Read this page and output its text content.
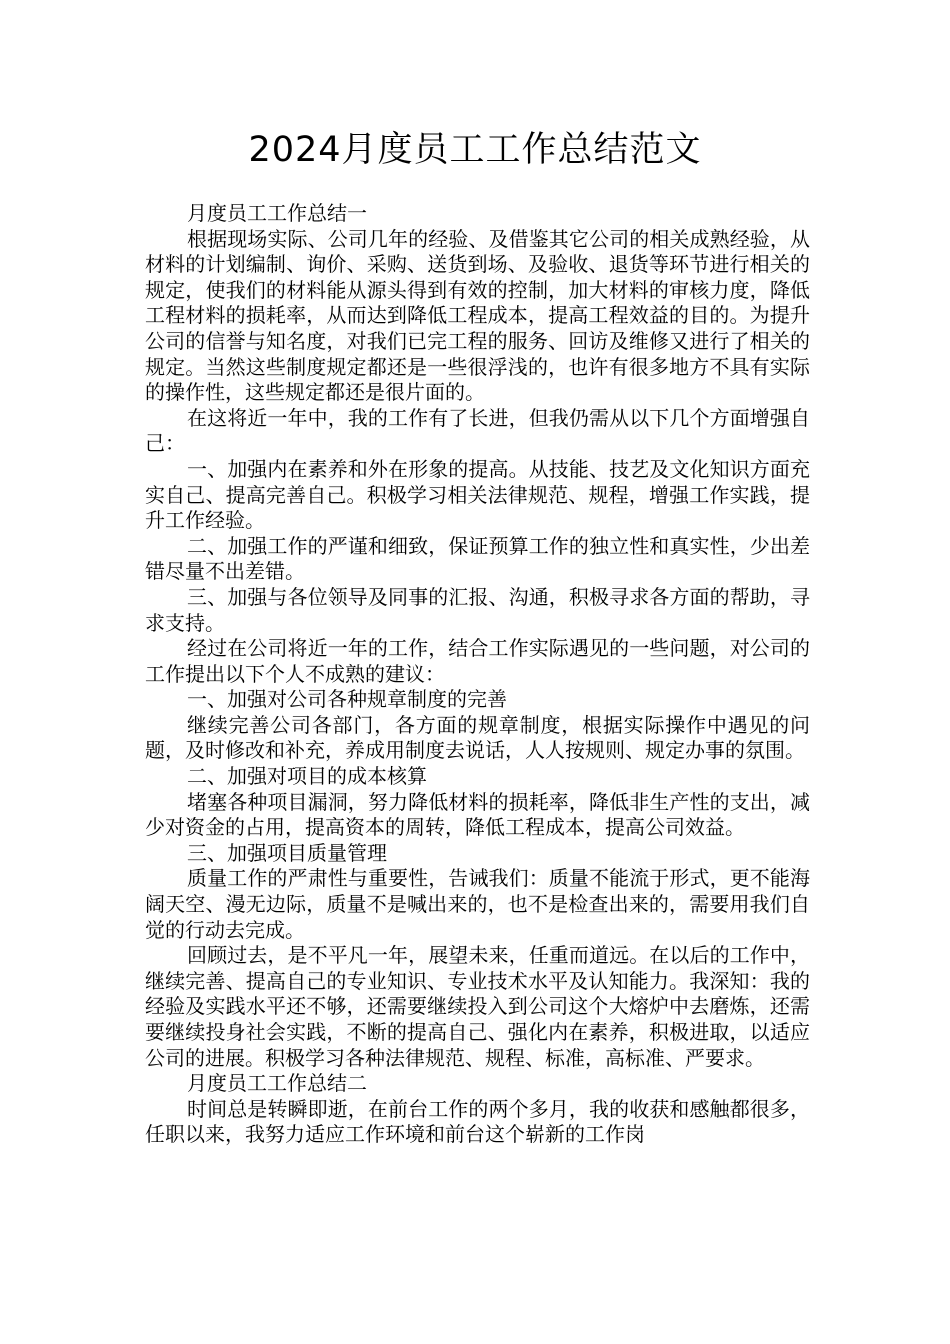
2024月度员工工作总结范文

月度员工工作总结一

根据现场实际、公司几年的经验、及借鉴其它公司的相关成熟经验，从材料的计划编制、询价、采购、送货到场、及验收、退货等环节进行相关的规定，使我们的材料能从源头得到有效的控制，加大材料的审核力度，降低工程材料的损耗率，从而达到降低工程成本，提高工程效益的目的。为提升公司的信誉与知名度，对我们已完工程的服务、回访及维修又进行了相关的规定。当然这些制度规定都还是一些很浮浅的，也许有很多地方不具有实际的操作性，这些规定都还是很片面的。

在这将近一年中，我的工作有了长进，但我仍需从以下几个方面增强自己：

一、加强内在素养和外在形象的提高。从技能、技艺及文化知识方面充实自己、提高完善自己。积极学习相关法律规范、规程，增强工作实践，提升工作经验。

二、加强工作的严谨和细致，保证预算工作的独立性和真实性，少出差错尽量不出差错。

三、加强与各位领导及同事的汇报、沟通，积极寻求各方面的帮助，寻求支持。

经过在公司将近一年的工作，结合工作实际遇见的一些问题，对公司的工作提出以下个人不成熟的建议：

一、加强对公司各种规章制度的完善

继续完善公司各部门，各方面的规章制度，根据实际操作中遇见的问题，及时修改和补充，养成用制度去说话，人人按规则、规定办事的氛围。

二、加强对项目的成本核算

堵塞各种项目漏洞，努力降低材料的损耗率，降低非生产性的支出，减少对资金的占用，提高资本的周转，降低工程成本，提高公司效益。

三、加强项目质量管理

质量工作的严肃性与重要性，告诫我们：质量不能流于形式，更不能海阔天空、漫无边际，质量不是喊出来的，也不是检查出来的，需要用我们自觉的行动去完成。

回顾过去，是不平凡一年，展望未来，任重而道远。在以后的工作中，继续完善、提高自己的专业知识、专业技术水平及认知能力。我深知：我的经验及实践水平还不够，还需要继续投入到公司这个大熔炉中去磨炼，还需要继续投身社会实践，不断的提高自己、强化内在素养，积极进取，以适应公司的进展。积极学习各种法律规范、规程、标准，高标准、严要求。

月度员工工作总结二

时间总是转瞬即逝，在前台工作的两个多月，我的收获和感触都很多，任职以来，我努力适应工作环境和前台这个崭新的工作岗
